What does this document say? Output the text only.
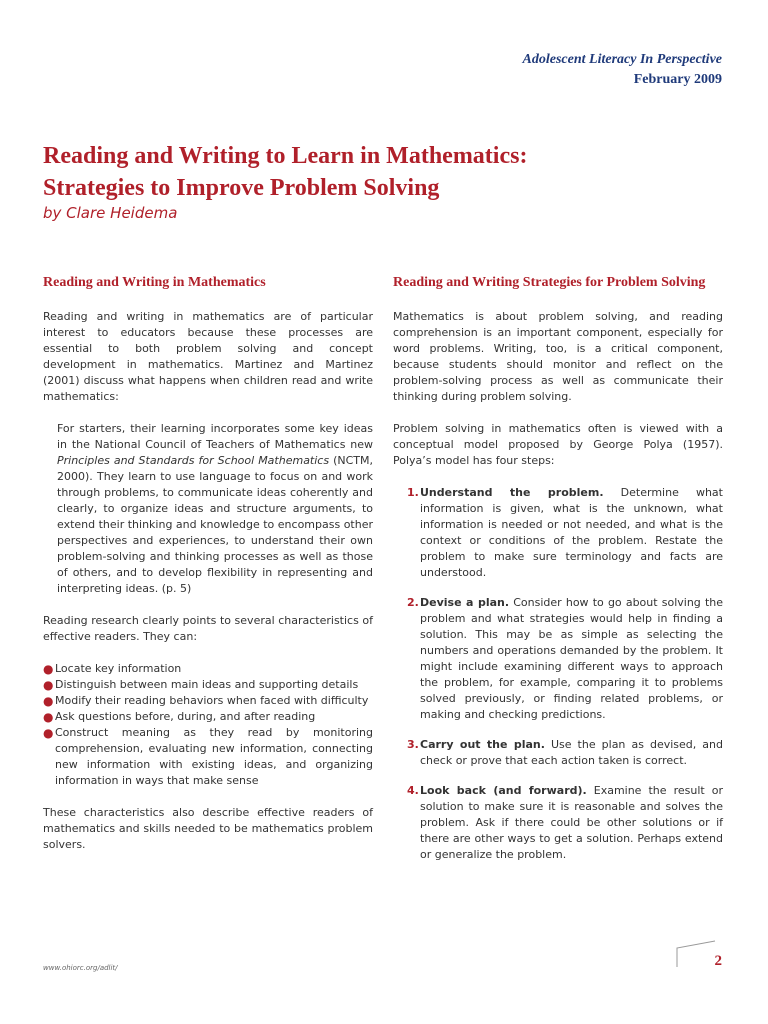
Adolescent Literacy In Perspective
February 2009
Reading and Writing to Learn in Mathematics:
Strategies to Improve Problem Solving
by Clare Heidema
Reading and Writing in Mathematics

Reading and writing in mathematics are of particular interest to educators because these processes are essential to both problem solving and concept development in mathematics. Martinez and Martinez (2001) discuss what happens when children read and write mathematics:

For starters, their learning incorporates some key ideas in the National Council of Teachers of Mathematics new Principles and Standards for School Mathematics (NCTM, 2000). They learn to use language to focus on and work through problems, to communicate ideas coherently and clearly, to organize ideas and structure arguments, to extend their thinking and knowledge to encompass other perspectives and experiences, to understand their own problem-solving and thinking processes as well as those of others, and to develop flexibility in representing and interpreting ideas. (p. 5)

Reading research clearly points to several characteristics of effective readers. They can:

● Locate key information
● Distinguish between main ideas and supporting details
● Modify their reading behaviors when faced with difficulty
● Ask questions before, during, and after reading
● Construct meaning as they read by monitoring comprehension, evaluating new information, connecting new information with existing ideas, and organizing information in ways that make sense

These characteristics also describe effective readers of mathematics and skills needed to be mathematics problem solvers.

Reading and Writing Strategies for Problem Solving

Mathematics is about problem solving, and reading comprehension is an important component, especially for word problems. Writing, too, is a critical component, because students should monitor and reflect on the problem-solving process as well as communicate their thinking during problem solving.

Problem solving in mathematics often is viewed with a conceptual model proposed by George Polya (1957). Polya’s model has four steps:

1. Understand the problem. Determine what information is given, what is the unknown, what information is needed or not needed, and what is the context or conditions of the problem. Restate the problem to make sure terminology and facts are understood.
2. Devise a plan. Consider how to go about solving the problem and what strategies would help in finding a solution. This may be as simple as selecting the numbers and operations demanded by the problem. It might include examining different ways to approach the problem, for example, comparing it to problems solved previously, or finding related problems, or making and checking predictions.
3. Carry out the plan. Use the plan as devised, and check or prove that each action taken is correct.
4. Look back (and forward). Examine the result or solution to make sure it is reasonable and solves the problem. Ask if there could be other solutions or if there are other ways to get a solution. Perhaps extend or generalize the problem.
www.ohiorc.org/adlit/	2
